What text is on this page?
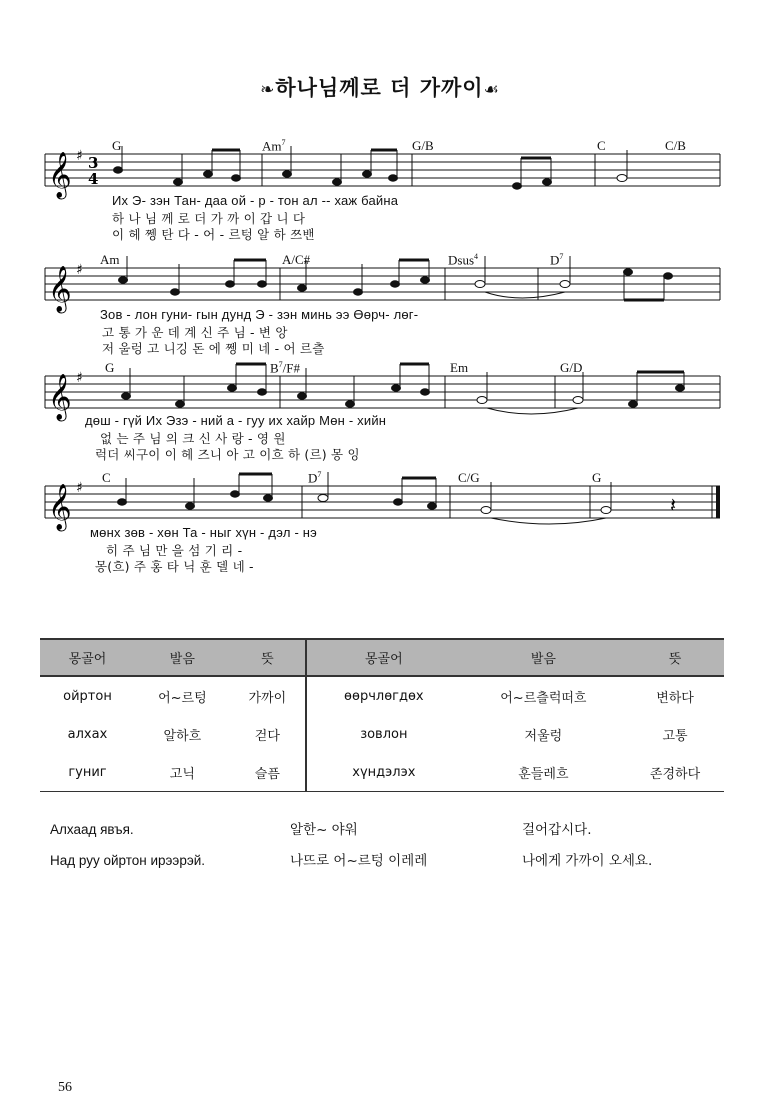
❧하나님께로 더 가까이☙
𝄞 ♯ 3
4
G	Am$^7$	G/B	C	C/B
Их Э- зэн Тан- даа ой - р - тон ал -- хаж байна
하 나 님 께 로 더 가 까 이 갑 니 다
이 헤 쩽 탄 다 - 어 - 르텅 알 하 쯔밴
𝄞 ♯
Am	A/C#	Dsus$^4$	$D^7$
Зов - лон гуни- гын дунд Э - зэн минь ээ Өөрч- лөг-
고 통 가 운 데 계 신 주 님 - 변 앙
저 울렁 고 니깅 돈 에 쩽 미 네 - 어 르츨
𝄞 ♯
G	$B^7/F\#$	Em	G/D
дөш - гүй Их Эзэ - ний а - гуу их хайр Мөн - хийн
없 는 주 님 의 크 신 사 랑 - 영 원
럭더 씨구이 이 헤 즈니 아 고 이흐 하 (르) 몽 잉
𝄞 ♯
𝄽
C	$D^7$	C/G	G
мөнх зөв - хөн Та - ныг хүн - дэл - нэ
히 주 님 만 을 섬 기 리 -
몽(흐) 주 홍 타 닉 훈 델 네 -
몽골어	발음	뜻	몽골어	발음	뜻
ойртон	어~르텅	가까이	өөрчлөгдөх	어~르츨럭떠흐	변하다
алхах	알하흐	걷다	зовлон	저울렁	고통
гуниг	고닉	슬픔	хүндэлэх	훈들레흐	존경하다
Алхаад явъя.	알한~ 야워	걸어갑시다.
Над руу ойртон ирээрэй.	나뜨로 어~르텅 이레레	나에게 가까이 오세요.
56
